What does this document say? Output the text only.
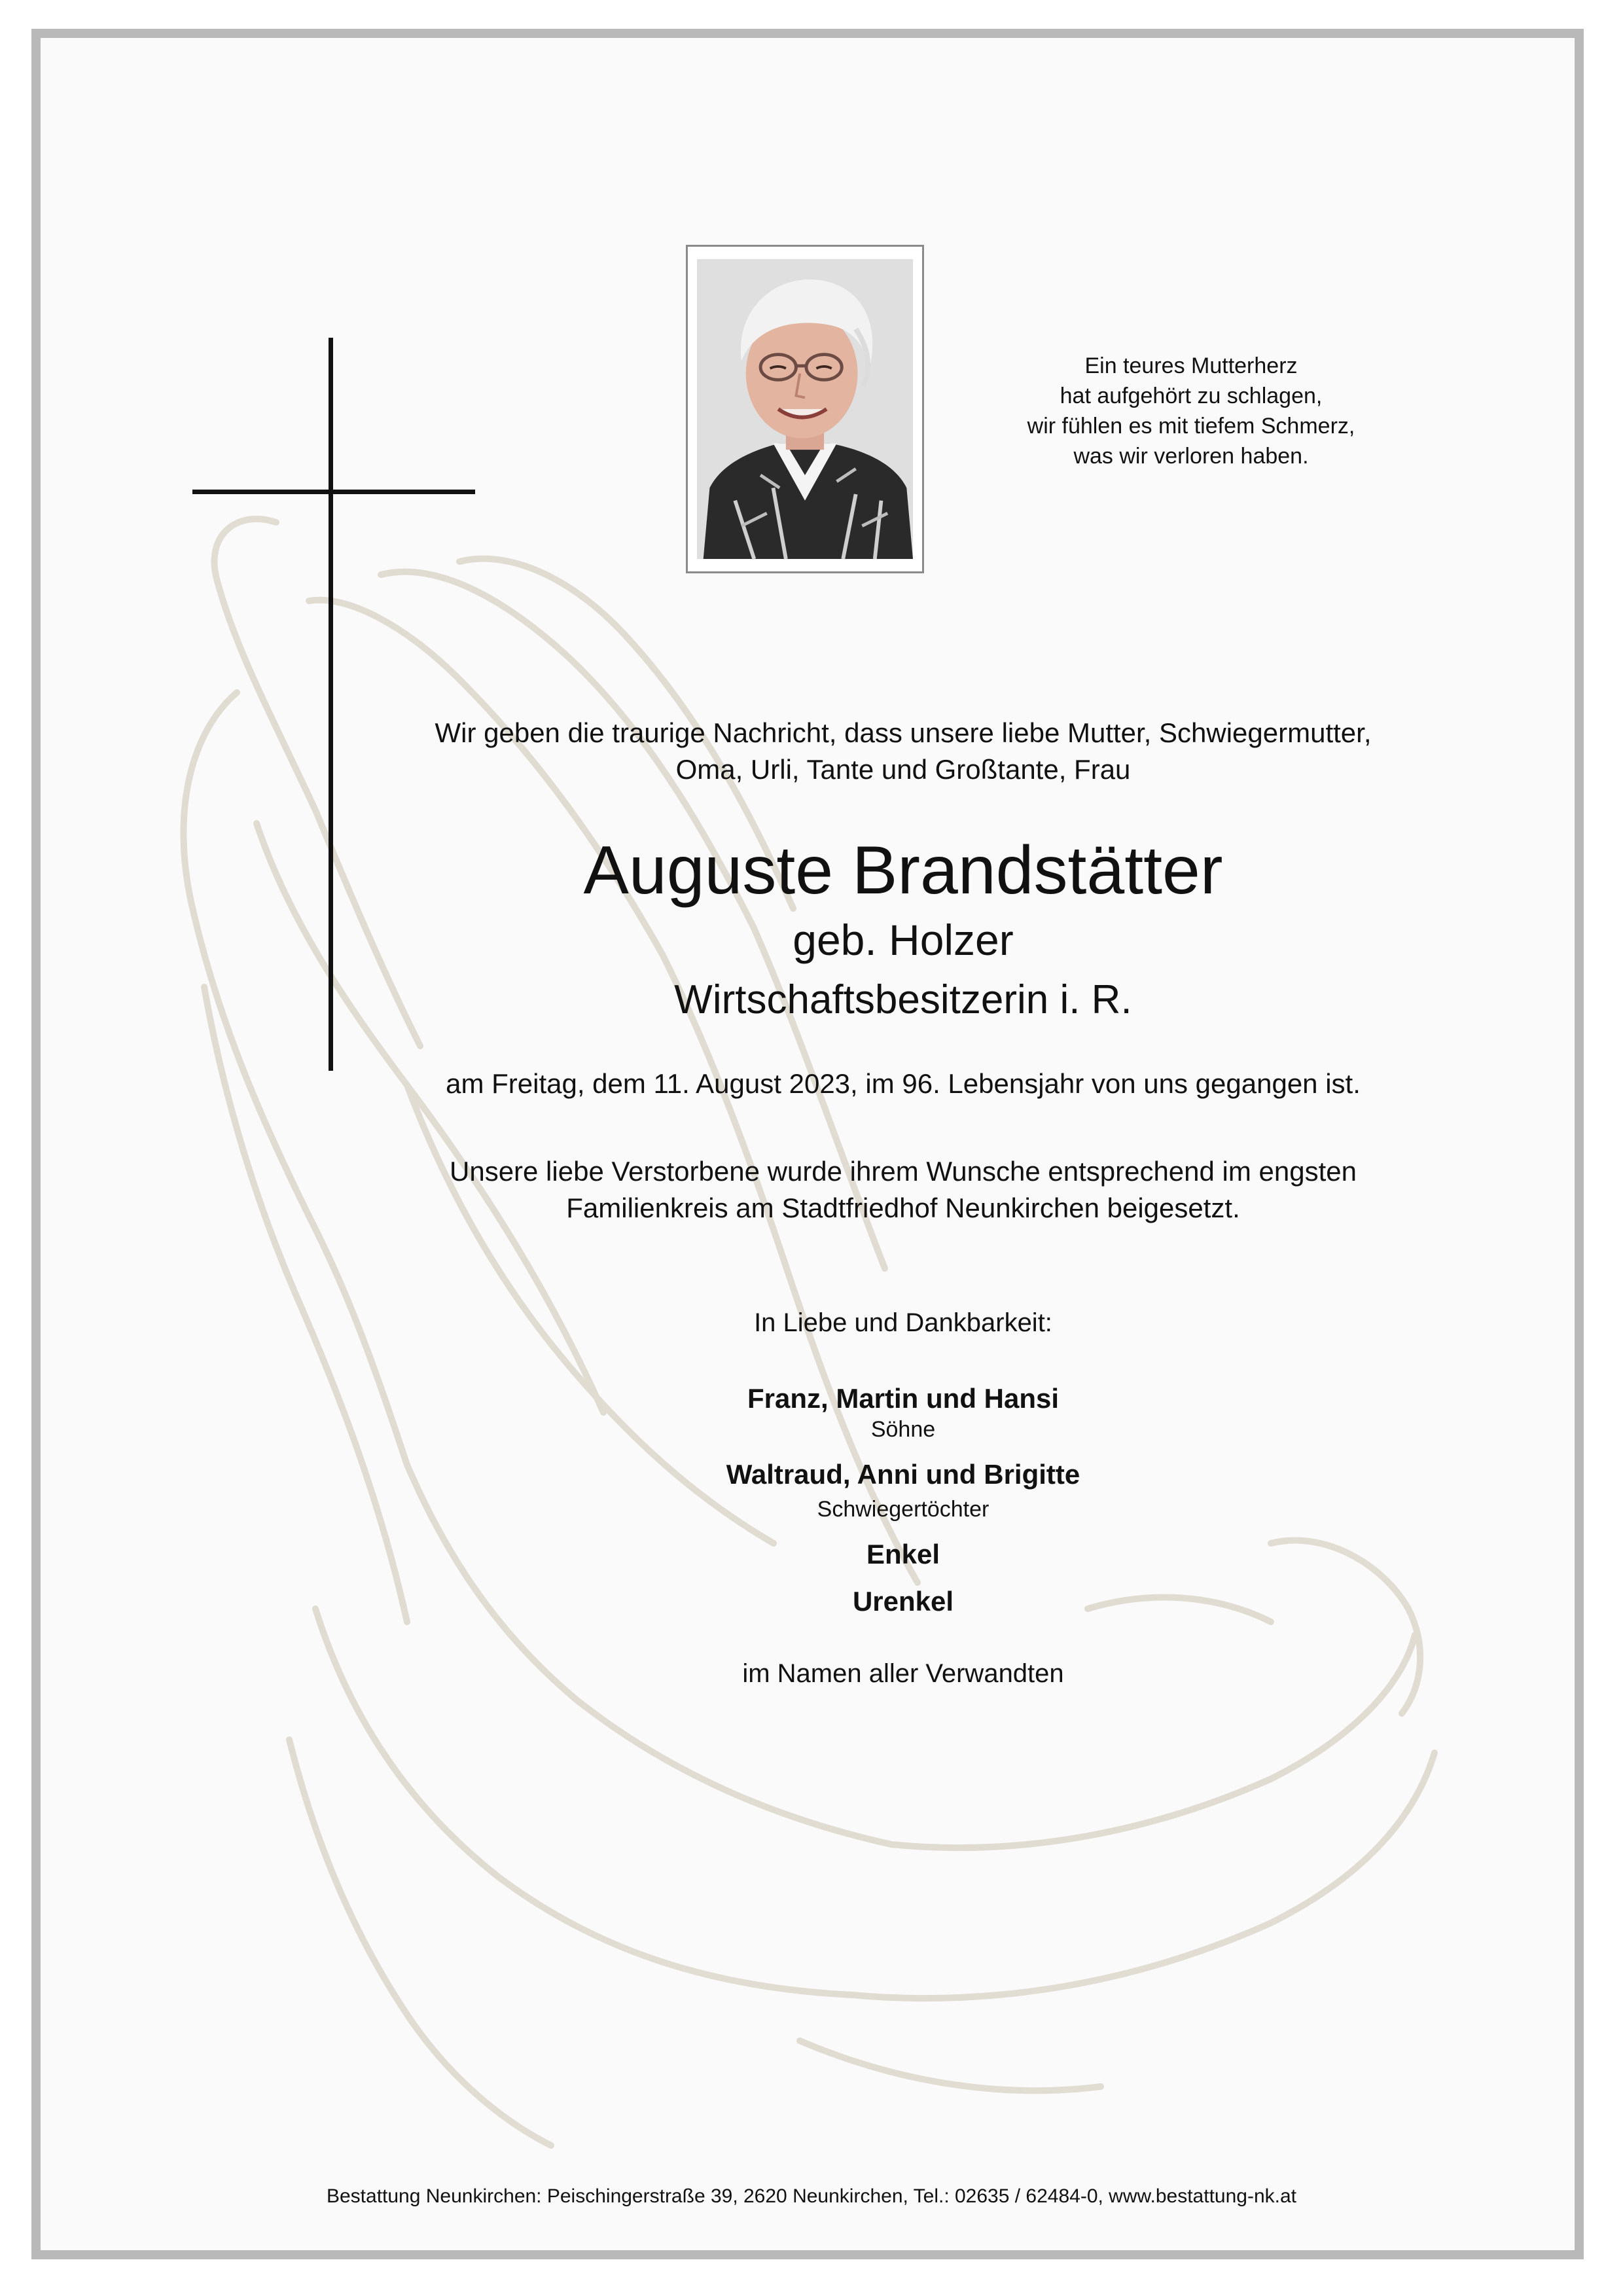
Ein teures Mutterherz
hat aufgehört zu schlagen,
wir fühlen es mit tiefem Schmerz,
was wir verloren haben.
Wir geben die traurige Nachricht, dass unsere liebe Mutter, Schwiegermutter,
Oma, Urli, Tante und Großtante, Frau
Auguste Brandstätter
geb. Holzer
Wirtschaftsbesitzerin i. R.
am Freitag, dem 11. August 2023, im 96. Lebensjahr von uns gegangen ist.
Unsere liebe Verstorbene wurde ihrem Wunsche entsprechend im engsten
Familienkreis am Stadtfriedhof Neunkirchen beigesetzt.
In Liebe und Dankbarkeit:
Franz, Martin und Hansi
Söhne
Waltraud, Anni und Brigitte
Schwiegertöchter
Enkel
Urenkel
im Namen aller Verwandten
Bestattung Neunkirchen: Peischingerstraße 39, 2620 Neunkirchen, Tel.: 02635 / 62484-0, www.bestattung-nk.at
